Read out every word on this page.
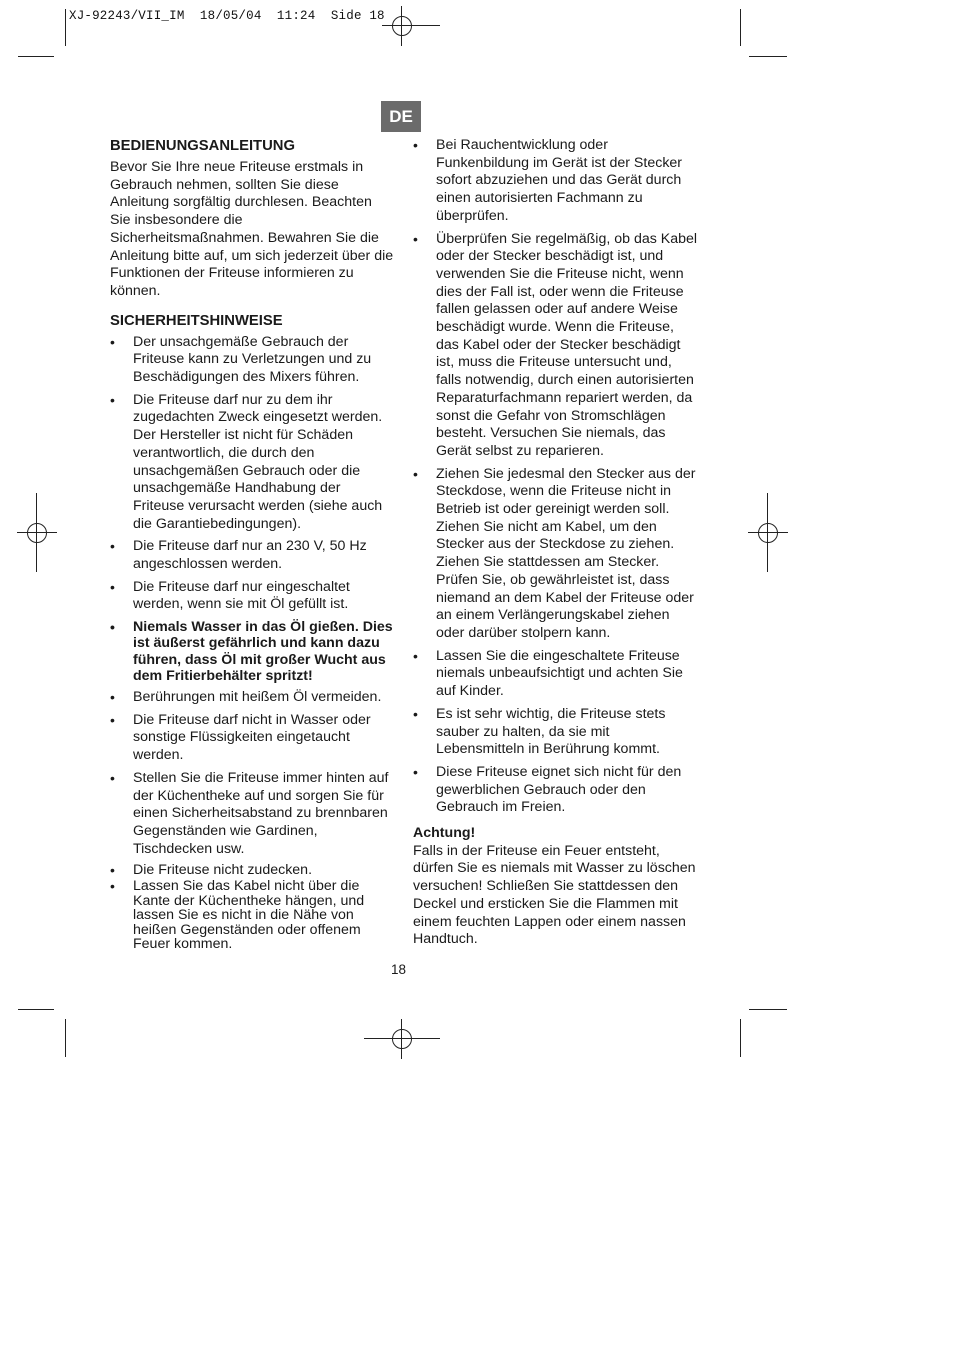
XJ-92243/VII_IM  18/05/04  11:24  Side 18
DE
BEDIENUNGSANLEITUNG

Bevor Sie Ihre neue Friteuse erstmals in Gebrauch nehmen, sollten Sie diese Anleitung sorgfältig durchlesen. Beachten Sie insbesondere die Sicherheitsmaßnahmen. Bewahren Sie die Anleitung bitte auf, um sich jederzeit über die Funktionen der Friteuse informieren zu können.

SICHERHEITSHINWEISE
• Der unsachgemäße Gebrauch der Friteuse kann zu Verletzungen und zu Beschädigungen des Mixers führen.
• Die Friteuse darf nur zu dem ihr zugedachten Zweck eingesetzt werden. Der Hersteller ist nicht für Schäden verantwortlich, die durch den unsachgemäßen Gebrauch oder die unsachgemäße Handhabung der Friteuse verursacht werden (siehe auch die Garantiebedingungen).
• Die Friteuse darf nur an 230 V, 50 Hz angeschlossen werden.
• Die Friteuse darf nur eingeschaltet werden, wenn sie mit Öl gefüllt ist.
• Niemals Wasser in das Öl gießen. Dies ist äußerst gefährlich und kann dazu führen, dass Öl mit großer Wucht aus dem Fritierbehälter spritzt!
• Berührungen mit heißem Öl vermeiden.
• Die Friteuse darf nicht in Wasser oder sonstige Flüssigkeiten eingetaucht werden.
• Stellen Sie die Friteuse immer hinten auf der Küchentheke auf und sorgen Sie für einen Sicherheitsabstand zu brennbaren Gegenständen wie Gardinen, Tischdecken usw.
• Die Friteuse nicht zudecken.
• Lassen Sie das Kabel nicht über die Kante der Küchentheke hängen, und lassen Sie es nicht in die Nähe von heißen Gegenständen oder offenem Feuer kommen.
• Bei Rauchentwicklung oder Funkenbildung im Gerät ist der Stecker sofort abzuziehen und das Gerät durch einen autorisierten Fachmann zu überprüfen.
• Überprüfen Sie regelmäßig, ob das Kabel oder der Stecker beschädigt ist, und verwenden Sie die Friteuse nicht, wenn dies der Fall ist, oder wenn die Friteuse fallen gelassen oder auf andere Weise beschädigt wurde. Wenn die Friteuse, das Kabel oder der Stecker beschädigt ist, muss die Friteuse untersucht und, falls notwendig, durch einen autorisierten Reparaturfachmann repariert werden, da sonst die Gefahr von Stromschlägen besteht. Versuchen Sie niemals, das Gerät selbst zu reparieren.
• Ziehen Sie jedesmal den Stecker aus der Steckdose, wenn die Friteuse nicht in Betrieb ist oder gereinigt werden soll. Ziehen Sie nicht am Kabel, um den Stecker aus der Steckdose zu ziehen. Ziehen Sie stattdessen am Stecker. Prüfen Sie, ob gewährleistet ist, dass niemand an dem Kabel der Friteuse oder an einem Verlängerungskabel ziehen oder darüber stolpern kann.
• Lassen Sie die eingeschaltete Friteuse niemals unbeaufsichtigt und achten Sie auf Kinder.
• Es ist sehr wichtig, die Friteuse stets sauber zu halten, da sie mit Lebensmitteln in Berührung kommt.
• Diese Friteuse eignet sich nicht für den gewerblichen Gebrauch oder den Gebrauch im Freien.
Achtung!

Falls in der Friteuse ein Feuer entsteht, dürfen Sie es niemals mit Wasser zu löschen versuchen! Schließen Sie stattdessen den Deckel und ersticken Sie die Flammen mit einem feuchten Lappen oder einem nassen Handtuch.

18
